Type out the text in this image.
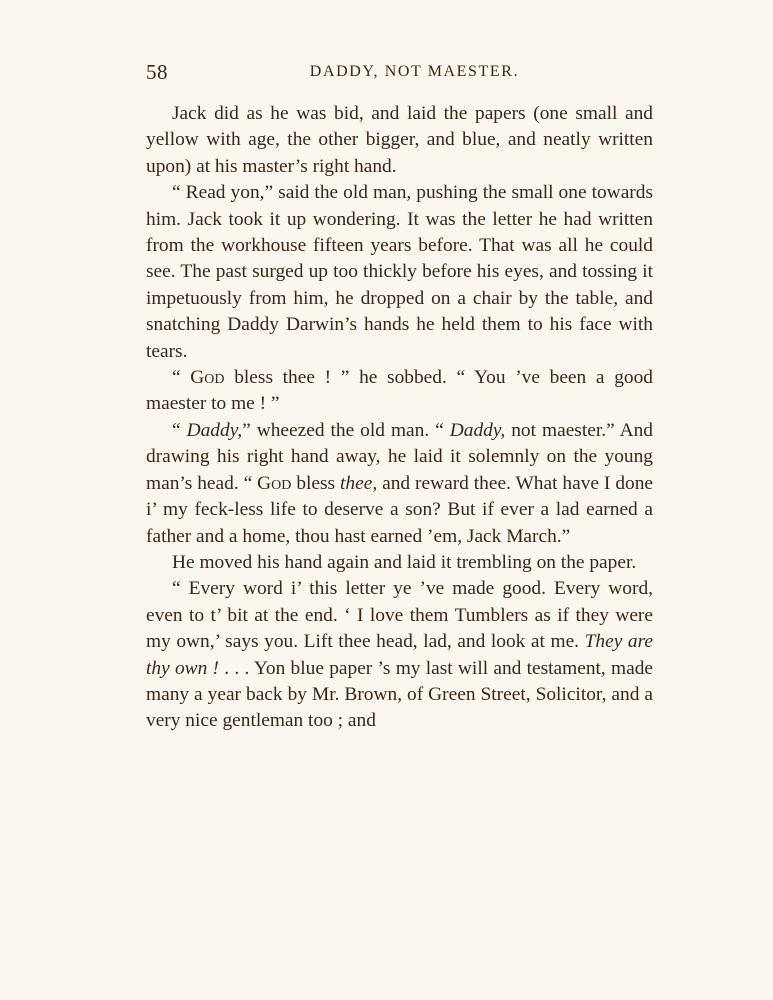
58	DADDY, NOT MAESTER.

Jack did as he was bid, and laid the papers (one small and yellow with age, the other bigger, and blue, and neatly written upon) at his master’s right hand.

“ Read yon,” said the old man, pushing the small one towards him. Jack took it up wondering. It was the letter he had written from the workhouse fifteen years before. That was all he could see. The past surged up too thickly before his eyes, and tossing it impetuously from him, he dropped on a chair by the table, and snatching Daddy Darwin’s hands he held them to his face with tears.

“ God bless thee ! ” he sobbed. “ You ’ve been a good maester to me ! ”

“ Daddy,” wheezed the old man. “ Daddy, not maester.” And drawing his right hand away, he laid it solemnly on the young man’s head. “ God bless thee, and reward thee. What have I done i’ my feck-less life to deserve a son? But if ever a lad earned a father and a home, thou hast earned ’em, Jack March.”

He moved his hand again and laid it trembling on the paper.

“ Every word i’ this letter ye ’ve made good. Every word, even to t’ bit at the end. ‘ I love them Tumblers as if they were my own,’ says you. Lift thee head, lad, and look at me. They are thy own ! . . . Yon blue paper ’s my last will and testament, made many a year back by Mr. Brown, of Green Street, Solicitor, and a very nice gentleman too ; and
